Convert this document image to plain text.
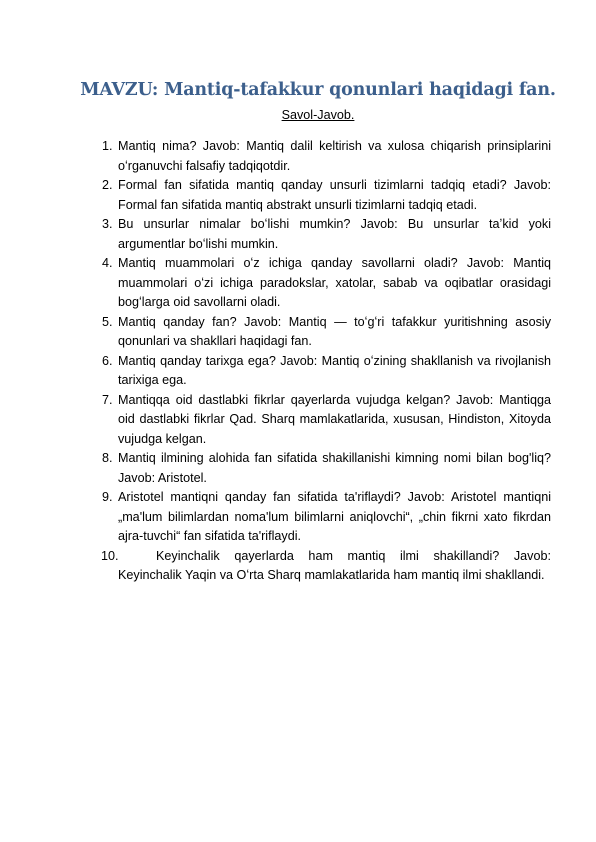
MAVZU: Mantiq-tafakkur qonunlari haqidagi fan.
Savol-Javob.
1. Mantiq nima? Javob: Mantiq dalil keltirish va xulosa chiqarish prinsiplarini oʻrganuvchi falsafiy tadqiqotdir.
2. Formal fan sifatida mantiq qanday unsurli tizimlarni tadqiq etadi? Javob: Formal fan sifatida mantiq abstrakt unsurli tizimlarni tadqiq etadi.
3. Bu unsurlar nimalar boʻlishi mumkin? Javob: Bu unsurlar taʼkid yoki argumentlar boʻlishi mumkin.
4. Mantiq muammolari oʻz ichiga qanday savollarni oladi? Javob: Mantiq muammolari oʻzi ichiga paradokslar, xatolar, sabab va oqibatlar orasidagi bogʻlarga oid savollarni oladi.
5. Mantiq qanday fan? Javob: Mantiq — toʻgʻri tafakkur yuritishning asosiy qonunlari va shakllari haqidagi fan.
6. Mantiq qanday tarixga ega? Javob: Mantiq oʻzining shakllanish va rivojlanish tarixiga ega.
7. Mantiqqa oid dastlabki fikrlar qayerlarda vujudga kelgan? Javob: Mantiqga oid dastlabki fikrlar Qad. Sharq mamlakatlarida, xususan, Hindiston, Xitoyda vujudga kelgan.
8. Mantiq ilmining alohida fan sifatida shakillanishi kimning nomi bilan bog'liq? Javob: Aristotel.
9. Aristotel mantiqni qanday fan sifatida ta'riflaydi? Javob: Aristotel mantiqni „ma'lum bilimlardan noma'lum bilimlarni aniqlovchi“, „chin fikrni xato fikrdan ajra-tuvchi“ fan sifatida ta'riflaydi.
10.	Keyinchalik qayerlarda ham mantiq ilmi shakillandi? Javob: Keyinchalik Yaqin va Oʻrta Sharq mamlakatlarida ham mantiq ilmi shakllandi.
